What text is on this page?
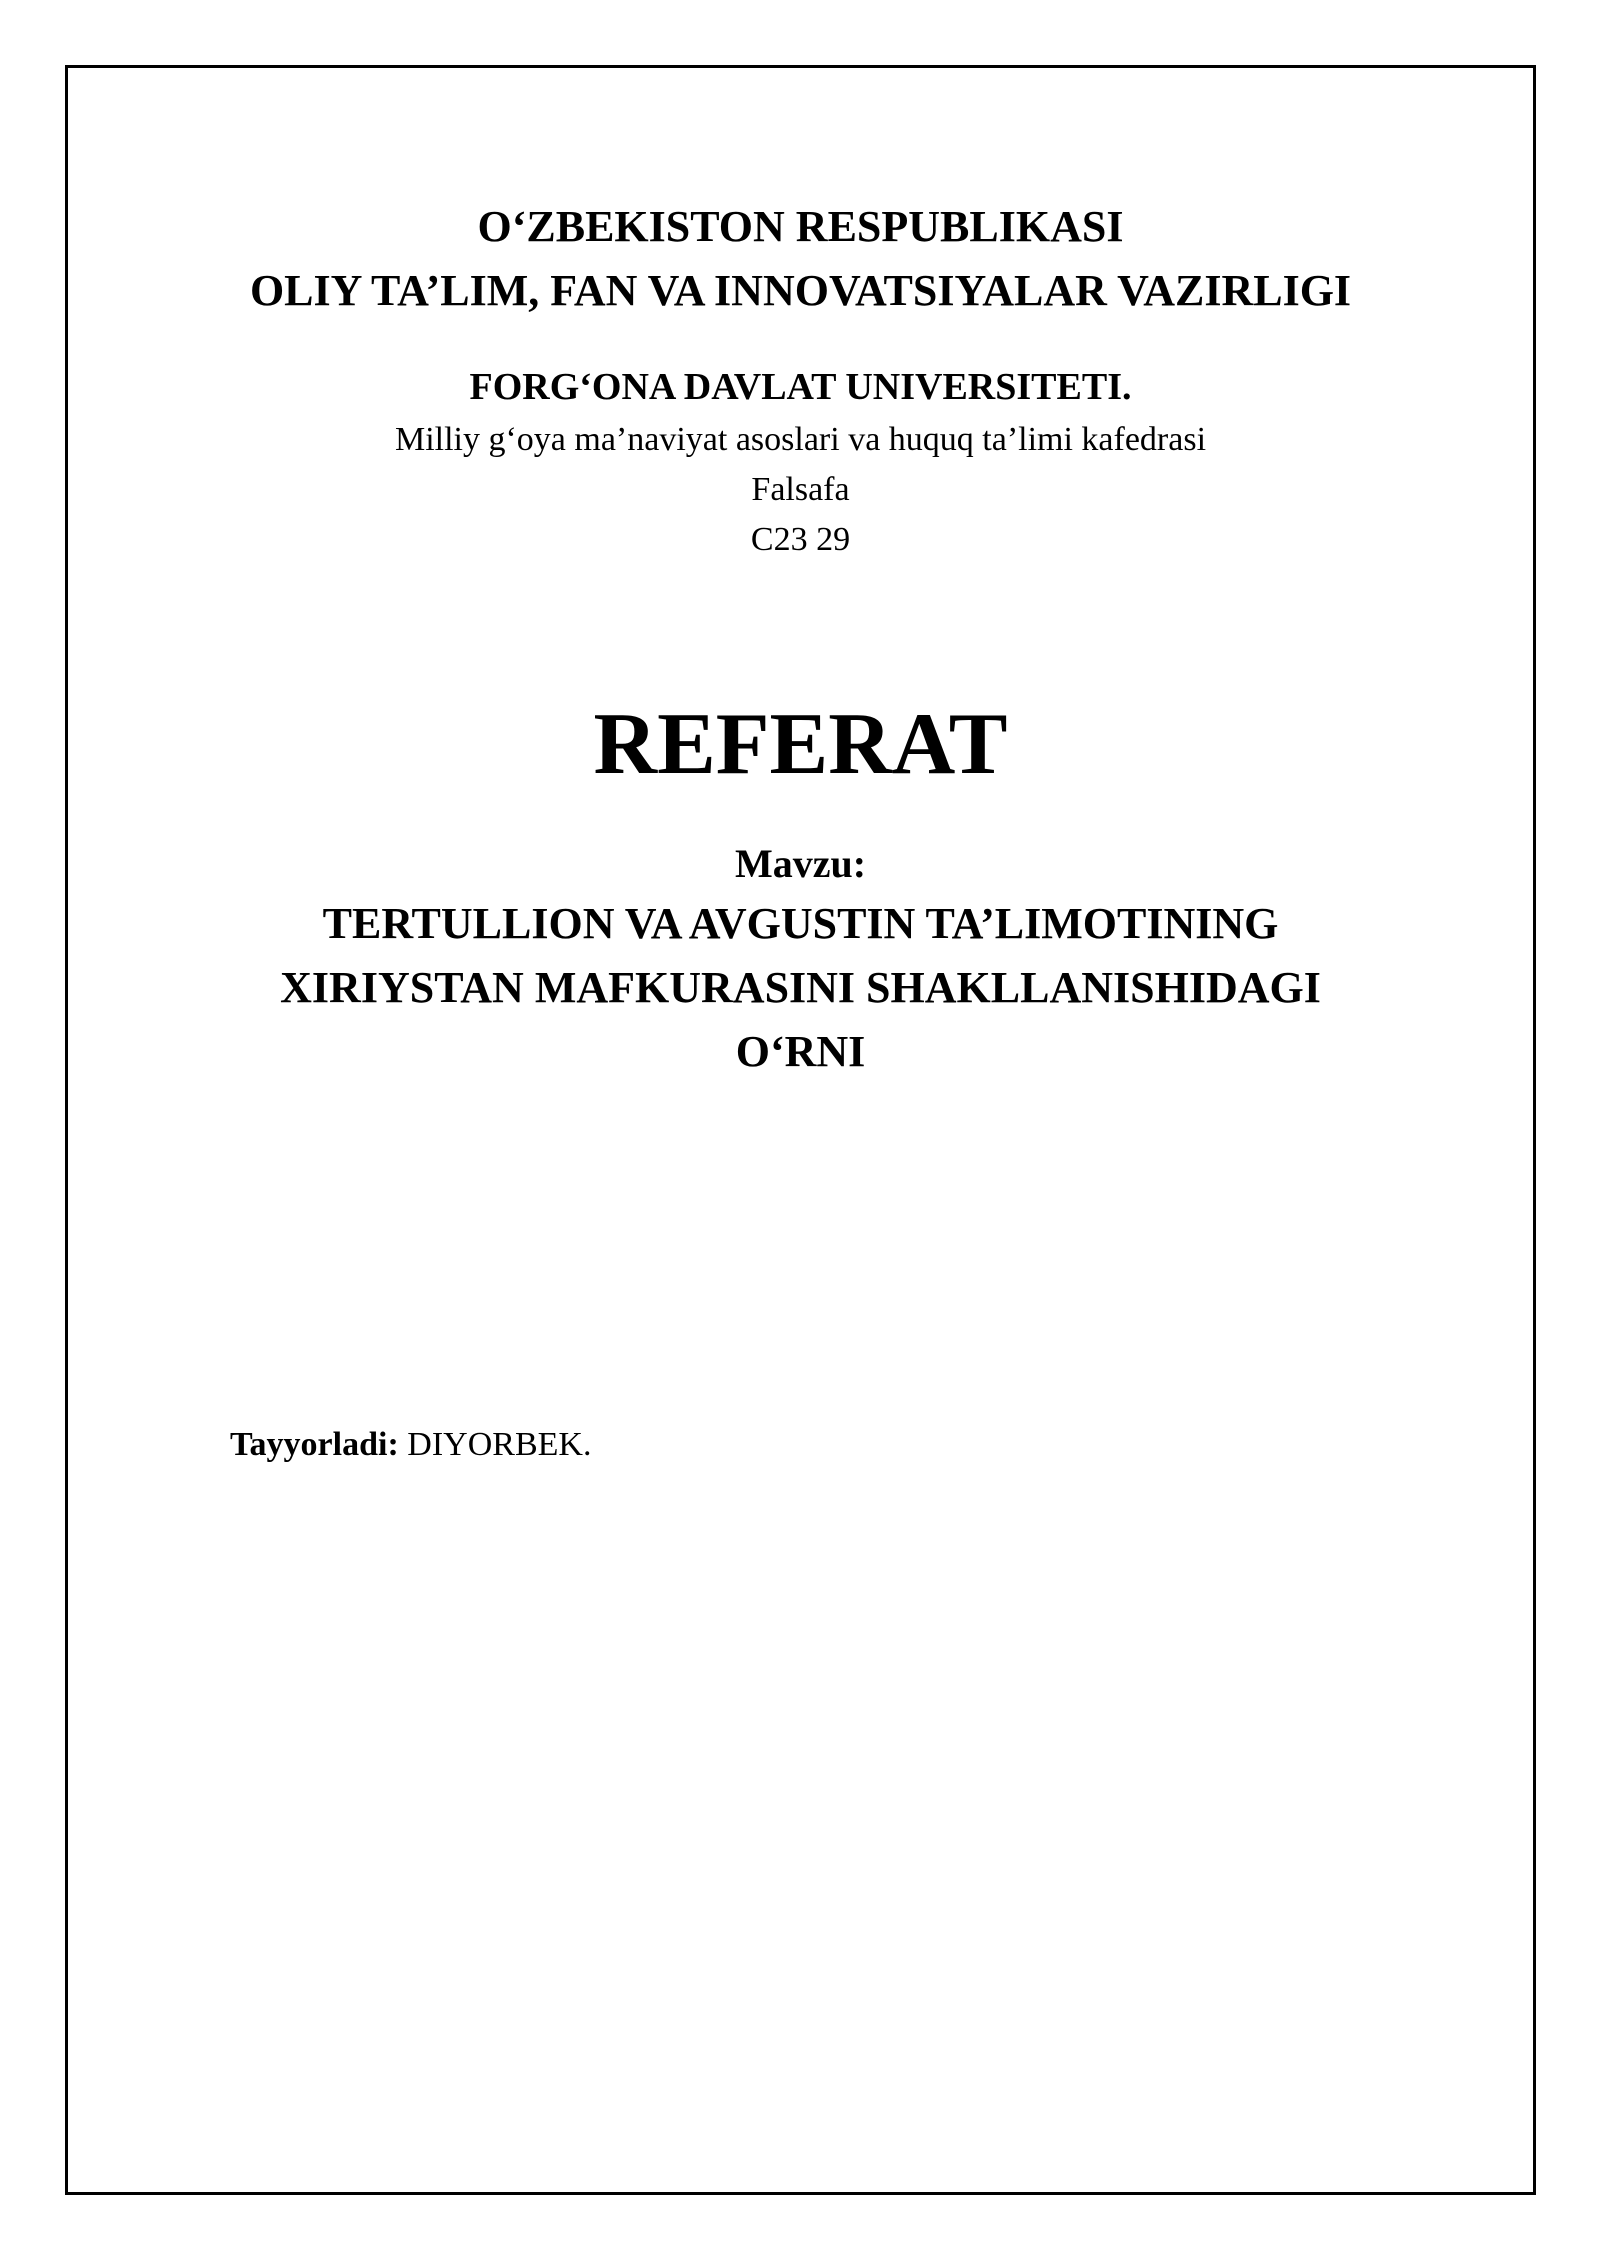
O‘ZBEKISTON RESPUBLIKASI
OLIY TA’LIM, FAN VA INNOVATSIYALAR VAZIRLIGI
FORG‘ONA DAVLAT UNIVERSITETI.
Milliy g‘oya ma’naviyat asoslari va huquq ta’limi kafedrasi
Falsafa
C23 29
REFERAT
Mavzu:
TERTULLION VA AVGUSTIN TA’LIMOTINING
XIRIYSTAN MAFKURASINI SHAKLLANISHIDAGI
O‘RNI
Tayyorladi: DIYORBEK.
